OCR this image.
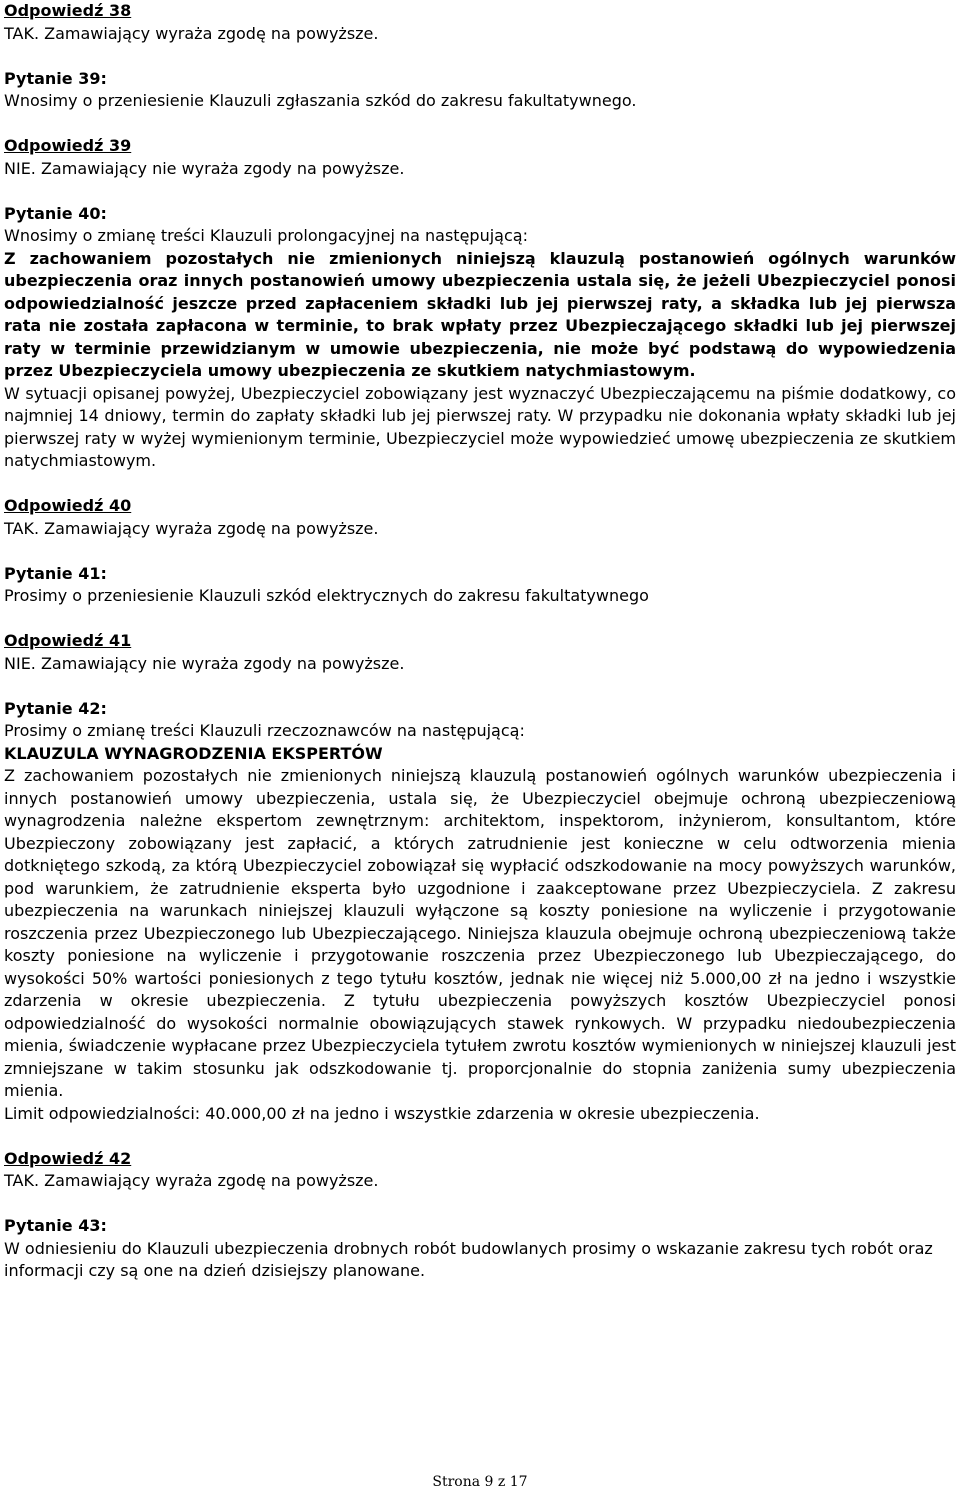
Odpowiedź 38
TAK. Zamawiający wyraża zgodę na powyższe.
Pytanie 39:
Wnosimy o przeniesienie Klauzuli zgłaszania szkód do zakresu fakultatywnego.
Odpowiedź 39
NIE. Zamawiający nie wyraża zgody na powyższe.
Pytanie 40:
Wnosimy o zmianę treści Klauzuli prolongacyjnej na następującą:
Z zachowaniem pozostałych nie zmienionych niniejszą klauzulą postanowień ogólnych warunków ubezpieczenia oraz innych postanowień umowy ubezpieczenia ustala się, że jeżeli Ubezpieczyciel ponosi odpowiedzialność jeszcze przed zapłaceniem składki lub jej pierwszej raty, a składka lub jej pierwsza rata nie została zapłacona w terminie, to brak wpłaty przez Ubezpieczającego składki lub jej pierwszej raty w terminie przewidzianym w umowie ubezpieczenia, nie może być podstawą do wypowiedzenia przez Ubezpieczyciela umowy ubezpieczenia ze skutkiem natychmiastowym.
W sytuacji opisanej powyżej, Ubezpieczyciel zobowiązany jest wyznaczyć Ubezpieczającemu na piśmie dodatkowy, co najmniej 14 dniowy, termin do zapłaty składki lub jej pierwszej raty. W przypadku nie dokonania wpłaty składki lub jej pierwszej raty w wyżej wymienionym terminie, Ubezpieczyciel może wypowiedzieć umowę ubezpieczenia ze skutkiem natychmiastowym.
Odpowiedź 40
TAK. Zamawiający wyraża zgodę na powyższe.
Pytanie 41:
Prosimy o przeniesienie Klauzuli szkód elektrycznych do zakresu fakultatywnego
Odpowiedź 41
NIE. Zamawiający nie wyraża zgody na powyższe.
Pytanie 42:
Prosimy o zmianę treści Klauzuli rzeczoznawców na następującą:
KLAUZULA WYNAGRODZENIA EKSPERTÓW
Z zachowaniem pozostałych nie zmienionych niniejszą klauzulą postanowień ogólnych warunków ubezpieczenia i innych postanowień umowy ubezpieczenia, ustala się, że Ubezpieczyciel obejmuje ochroną ubezpieczeniową wynagrodzenia należne ekspertom zewnętrznym: architektom, inspektorom, inżynierom, konsultantom, które Ubezpieczony zobowiązany jest zapłacić, a których zatrudnienie jest konieczne w celu odtworzenia mienia dotkniętego szkodą, za którą Ubezpieczyciel zobowiązał się wypłacić odszkodowanie na mocy powyższych warunków, pod warunkiem, że zatrudnienie eksperta było uzgodnione i zaakceptowane przez Ubezpieczyciela. Z zakresu ubezpieczenia na warunkach niniejszej klauzuli wyłączone są koszty poniesione na wyliczenie i przygotowanie roszczenia przez Ubezpieczonego lub Ubezpieczającego. Niniejsza klauzula obejmuje ochroną ubezpieczeniową także koszty poniesione na wyliczenie i przygotowanie roszczenia przez Ubezpieczonego lub Ubezpieczającego, do wysokości 50% wartości poniesionych z tego tytułu kosztów, jednak nie więcej niż 5.000,00 zł na jedno i wszystkie zdarzenia w okresie ubezpieczenia. Z tytułu ubezpieczenia powyższych kosztów Ubezpieczyciel ponosi odpowiedzialność do wysokości normalnie obowiązujących stawek rynkowych. W przypadku niedoubezpieczenia mienia, świadczenie wypłacane przez Ubezpieczyciela tytułem zwrotu kosztów wymienionych w niniejszej klauzuli jest zmniejszane w takim stosunku jak odszkodowanie tj. proporcjonalnie do stopnia zaniżenia sumy ubezpieczenia mienia.
Limit odpowiedzialności: 40.000,00 zł na jedno i wszystkie zdarzenia w okresie ubezpieczenia.
Odpowiedź 42
TAK. Zamawiający wyraża zgodę na powyższe.
Pytanie 43:
W odniesieniu do Klauzuli ubezpieczenia drobnych robót budowlanych prosimy o wskazanie zakresu tych robót oraz informacji czy są one na dzień dzisiejszy planowane.
Strona 9 z 17
